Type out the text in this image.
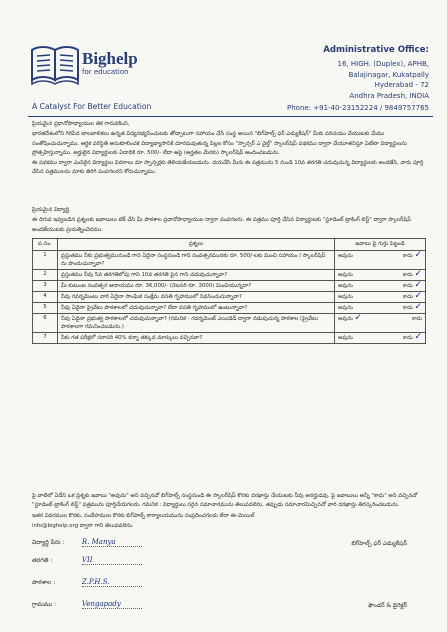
Bighelp
for education
A Catalyst For Better Education
Administrative Office:
16, HIGH. (Duplex), APHB,
Balajinagar, Kukatpally
Hyderabad - 72
Andhra Pradesh, INDIA
Phone: +91-40-23152224 / 9849757765

ప్రియమైన ప్రధానోపాధ్యాయుల తెక గారువకింని,

భారతదేశంలోని గిరిపేద బాలబాలికలు ఉన్నత విద్యనభ్యసించుటకు తోడ్పాటుగా సహాయం చేసే సంస్థ అయిన "బిగ్‌హెల్ప్ ఫర్ ఎడ్యుకేషన్" మీకు పరిచయం చేయుటకు మేము సంతోషించుచున్నాము. ఆర్థిక పరిస్థితి అనుకూలించక విద్యాభ్యాసానికి దూరమవుతున్న పిల్లల కోసం "స్పాన్సర్ ఎ చైల్డ్" స్కాలర్‌షిప్ పథకము ద్వారా చేయూతనిస్తూ ఏటేటా విద్యార్థులను ప్రోత్సహిస్తున్నాము. అర్హులైన విద్యార్థులకు ఏడాదికి రూ. 500/- లేదా ఆపై (అర్హతల మేరకు) స్కాలర్‌షిప్ అందించబడును.

ఈ పథకము ద్వారా ఎంపికైన విద్యార్థుల వివరాలు మా స్పాన్సర్లకు తెలియజేయబడును. దయచేసి మీరు ఈ పత్రమును 5 నుండి 10వ తరగతి చదువుచున్న విద్యార్థులకు అందజేసి, వారు పూర్తి చేసిన పత్రములను మాకు తిరిగి పంపగలరని కోరుచున్నాము.

ప్రియమైన విద్యార్థి,

ఈ దిగువ ఇవ్వబడిన ప్రశ్నలకు జవాబులు టిక్ చేసి మీ పాఠశాల ప్రధానోపాధ్యాయుల ద్వారా పంపగలరు. ఈ పత్రము పూర్తి చేసిన విద్యార్థులకు "స్టూడెంట్ ట్రాకింగ్ లిస్ట్" ద్వారా స్కాలర్‌షిప్ అందజేయుటకు ప్రయత్నించెదము.

ప.సం.	ప్రశ్నలు	జవాబు పై గుర్తు పెట్టండి
1	ప్రస్తుతము నీకు ప్రభుత్వమునుండి గాని ఏదైనా సంస్థనుండి గాని సంవత్సరమునకు రూ. 500/-లకు మించి సహాయం / స్కాలర్‌షిప్ ను పొందుచున్నావా?	అవును కాదు ✓

2	ప్రస్తుతము నీవు 5వ తరగతిలోపు గాని 10వ తరగతి పైన గాని చదువుచున్నావా?	అవును కాదు ✓

3	మీ కుటుంబ సంవత్సర ఆదాయము రూ. 36,000/- (నెలసరి రూ. 3000) మించియున్నదా?	అవును కాదు ✓

4	నీవు గవర్నమెంటు వారి ఏదైనా సాంఘిక సంక్షేమ వసతి గృహములో నివసించుచున్నావా?	అవును కాదు ✓

5	నీవు ఏదైనా ప్రైవేటు పాఠశాలలో చదువుచున్నావా? లేదా వసతి గృహములో ఉంటున్నావా?	అవును కాదు ✓

6	నీవు ఏదైనా ప్రభుత్వ పాఠశాలలో చదువుచున్నావా? (గమనిక - గవర్నమెంట్ ఎయిడెడ్ ద్వారా నడుపుచున్న పాఠశాల (ప్రైవేటు పాఠశాలగా గమనించబడును.)	అవును ✓ కాదు

7	నీకు గత పరీక్షలో సరాసరి 40% కన్నా తక్కువ మార్కులు వచ్చినవా?	అవును కాదు ✓

పై వాటిలో ఏదేని ఒక ప్రశ్నకు జవాబు "అవును" అని వచ్చినచో బిగ్‌హెల్ప్ సంస్థనుండి ఈ స్కాలర్‌షిప్ కొరకు దరఖాస్తు చేయుటకు నీవు అనర్హుడవు. పై జవాబులు అన్నీ "కాదు" అని వచ్చినచో "స్టూడెంట్ ట్రాకింగ్ లిస్ట్" పత్రమును పూర్తిచేయగలరు. గమనిక : విద్యార్థులు సరైన సమాచారమును తెలుపవలెను, తప్పుడు సమాచారమిచ్చినచో వారి దరఖాస్తు తిరస్కరించబడును.

ఇతర వివరముల కొరకు, సందేహముల కొరకు బిగ్‌హెల్ప్ కార్యాలయమును సంప్రదించగలరు లేదా ఈ-మెయిల్

info@bighelp.org ద్వారా గాని తెలుపవలెను.

విద్యార్థి పేరు : R. Manya
తరగతి :	VII
పాఠశాల :	Z.P.H.S.
గ్రామము :	Vengapady
బిగ్‌హెల్ప్ ఫర్ ఎడ్యుకేషన్
ఫౌండర్ & డైరెక్టర్
